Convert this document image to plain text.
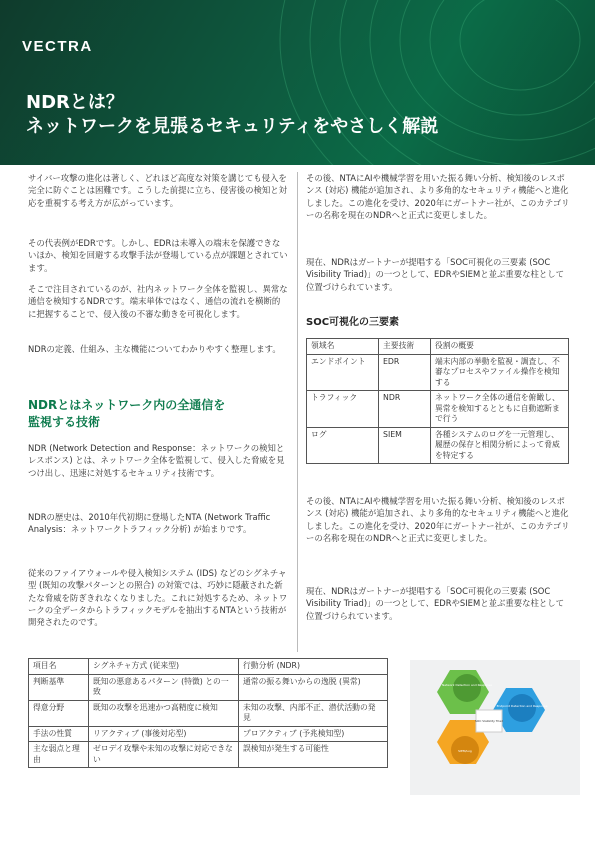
VECTRA
NDRとは？
ネットワークを見張るセキュリティをやさしく解説
サイバー攻撃の進化は著しく、どれほど高度な対策を講じても侵入を完全に防ぐことは困難です。こうした前提に立ち、侵害後の検知と対応を重視する考え方が広がっています。
その代表例がEDRです。しかし、EDRは未導入の端末を保護できないほか、検知を回避する攻撃手法が登場している点が課題とされています。
そこで注目されているのが、社内ネットワーク全体を監視し、異常な通信を検知するNDRです。端末単体ではなく、通信の流れを横断的に把握することで、侵入後の不審な動きを可視化します。
NDRの定義、仕組み、主な機能についてわかりやすく整理します。
NDRとはネットワーク内の全通信を
監視する技術
NDR (Network Detection and Response：ネットワークの検知とレスポンス) とは、ネットワーク全体を監視して、侵入した脅威を見つけ出し、迅速に対処するセキュリティ技術です。
NDRの歴史は、2010年代初期に登場したNTA (Network Traffic Analysis：ネットワークトラフィック分析) が始まりです。
従来のファイアウォールや侵入検知システム (IDS) などのシグネチャ型 (既知の攻撃パターンとの照合) の対策では、巧妙に隠蔽された新たな脅威を防ぎきれなくなりました。これに対処するため、ネットワークの全データからトラフィックモデルを抽出するNTAという技術が開発されたのです。
その後、NTAにAIや機械学習を用いた振る舞い分析、検知後のレスポンス (対応) 機能が追加され、より多角的なセキュリティ機能へと進化しました。この進化を受け、2020年にガートナー社が、このカテゴリーの名称を現在のNDRへと正式に変更しました。
現在、NDRはガートナーが提唱する「SOC可視化の三要素 (SOC Visibility Triad)」の一つとして、EDRやSIEMと並ぶ重要な柱として位置づけられています。
SOC可視化の三要素
領域名	主要技術	役割の概要
エンドポイント	EDR	端末内部の挙動を監視・調査し、不審なプロセスやファイル操作を検知する
トラフィック	NDR	ネットワーク全体の通信を俯瞰し、異常を検知するとともに自動遮断まで行う
ログ	SIEM	各種システムのログを一元管理し、履歴の保存と相関分析によって脅威を特定する
その後、NTAにAIや機械学習を用いた振る舞い分析、検知後のレスポンス (対応) 機能が追加され、より多角的なセキュリティ機能へと進化しました。この進化を受け、2020年にガートナー社が、このカテゴリーの名称を現在のNDRへと正式に変更しました。
現在、NDRはガートナーが提唱する「SOC可視化の三要素 (SOC Visibility Triad)」の一つとして、EDRやSIEMと並ぶ重要な柱として位置づけられています。
項目名	シグネチャ方式 (従来型)	行動分析 (NDR)
判断基準	既知の悪意あるパターン (特徴) との一致	通常の振る舞いからの逸脱 (異常)
得意分野	既知の攻撃を迅速かつ高精度に検知	未知の攻撃、内部不正、潜伏活動の発見
手法の性質	リアクティブ (事後対応型)	プロアクティブ (予兆検知型)
主な弱点と理由	ゼロデイ攻撃や未知の攻撃に対応できない	誤検知が発生する可能性
Network Detection and Response
Endpoint Detection and Response
SOC Visibility Triad
SIEM/Log
